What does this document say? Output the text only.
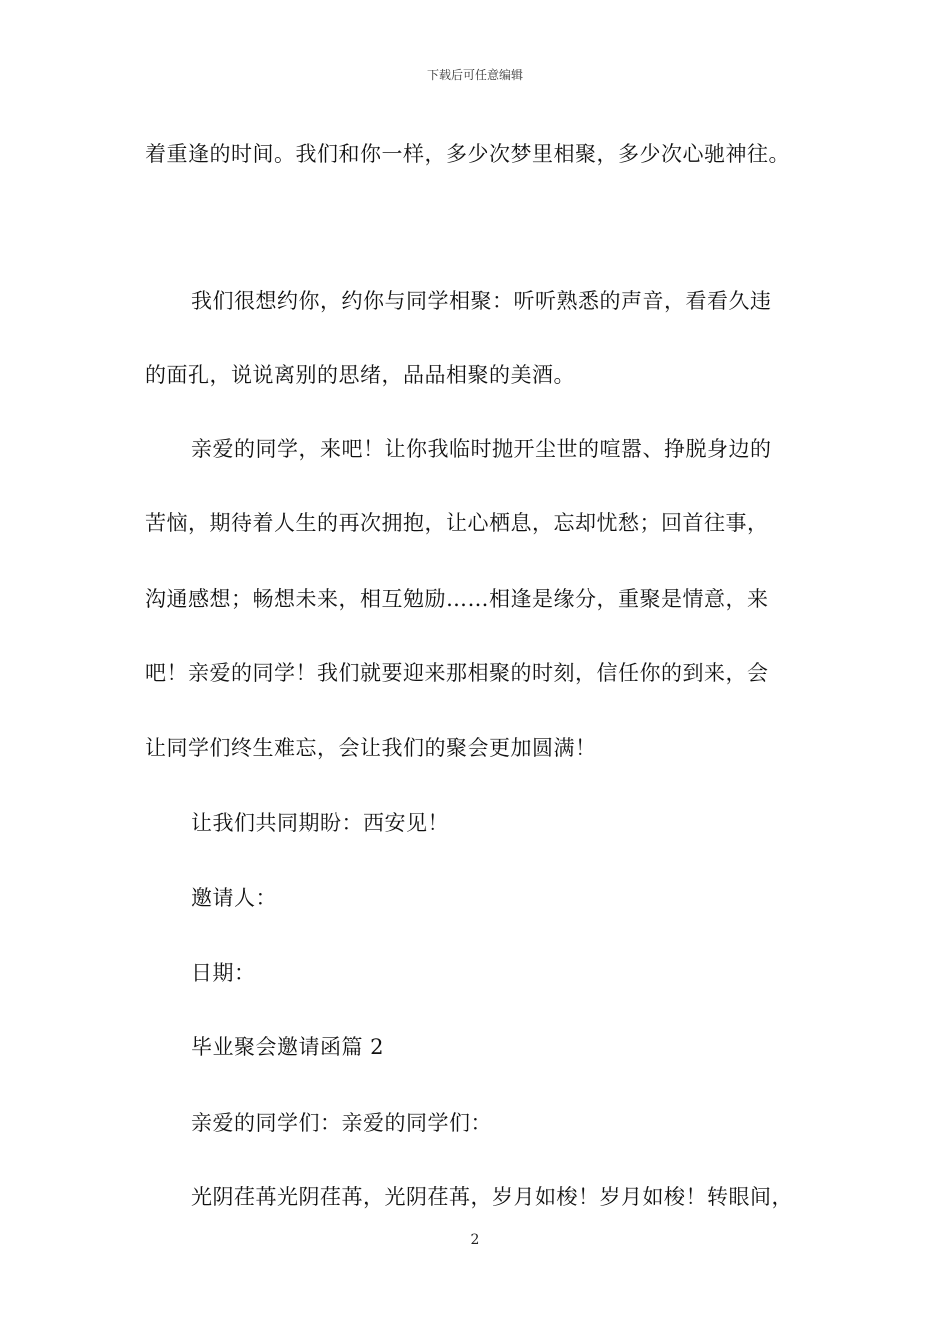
下载后可任意编辑
着重逢的时间。我们和你一样，多少次梦里相聚，多少次心驰神往。
我们很想约你，约你与同学相聚：听听熟悉的声音，看看久违
的面孔，说说离别的思绪，品品相聚的美酒。
亲爱的同学，来吧！让你我临时抛开尘世的喧嚣、挣脱身边的
苦恼，期待着人生的再次拥抱，让心栖息，忘却忧愁；回首往事，
沟通感想；畅想未来，相互勉励……相逢是缘分，重聚是情意，来
吧！亲爱的同学！我们就要迎来那相聚的时刻，信任你的到来，会
让同学们终生难忘，会让我们的聚会更加圆满！
让我们共同期盼：西安见！
邀请人：
日期：
毕业聚会邀请函篇 2
亲爱的同学们：亲爱的同学们：
光阴荏苒光阴荏苒，光阴荏苒，岁月如梭！岁月如梭！转眼间，
2
